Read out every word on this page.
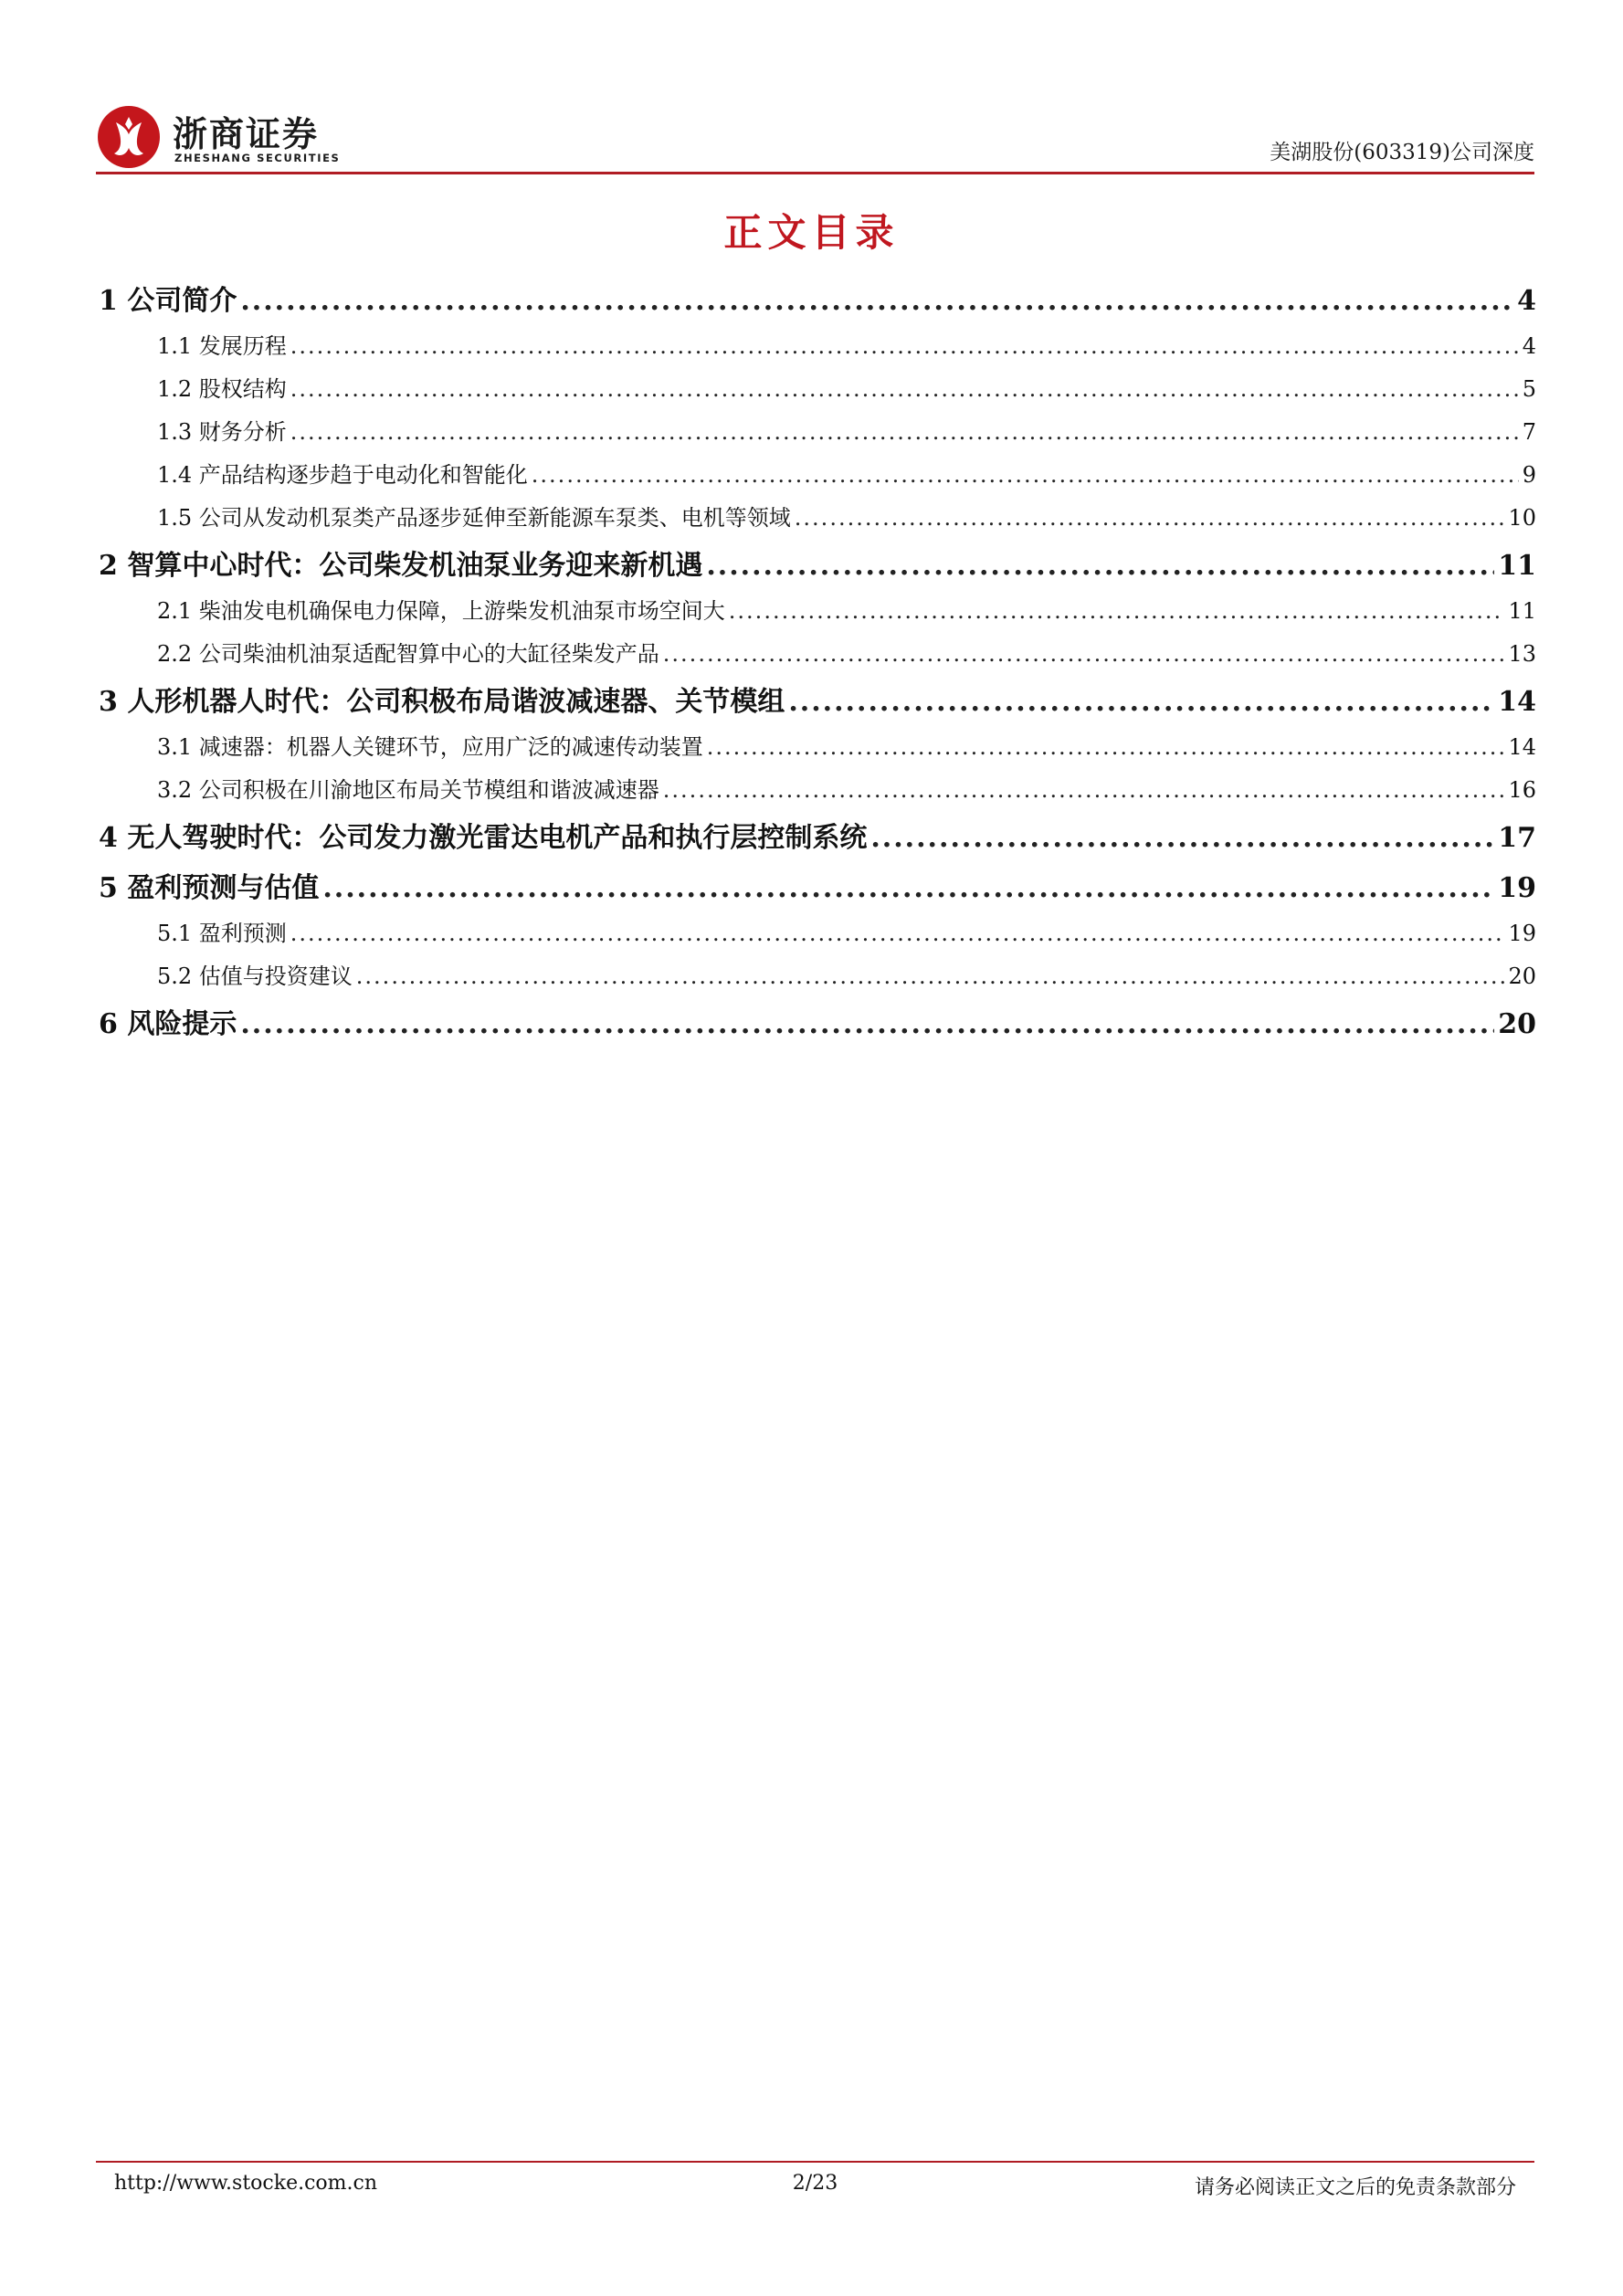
浙商证券
ZHESHANG SECURITIES	美湖股份(603319)公司深度
正文目录
1 公司简介 .....	4
1.1 发展历程 .....	4
1.2 股权结构 .....	5
1.3 财务分析 .....	7
1.4 产品结构逐步趋于电动化和智能化 .....	9
1.5 公司从发动机泵类产品逐步延伸至新能源车泵类、电机等领域 .....	10
2 智算中心时代：公司柴发机油泵业务迎来新机遇 .....	11
2.1 柴油发电机确保电力保障，上游柴发机油泵市场空间大 .....	11
2.2 公司柴油机油泵适配智算中心的大缸径柴发产品 .....	13
3 人形机器人时代：公司积极布局谐波减速器、关节模组 .....	14
3.1 减速器：机器人关键环节，应用广泛的减速传动装置 .....	14
3.2 公司积极在川渝地区布局关节模组和谐波减速器 .....	16
4 无人驾驶时代：公司发力激光雷达电机产品和执行层控制系统 .....	17
5 盈利预测与估值 .....	19
5.1 盈利预测 .....	19
5.2 估值与投资建议 .....	20
6 风险提示 .....	20
http://www.stocke.com.cn	2/23	请务必阅读正文之后的免责条款部分
